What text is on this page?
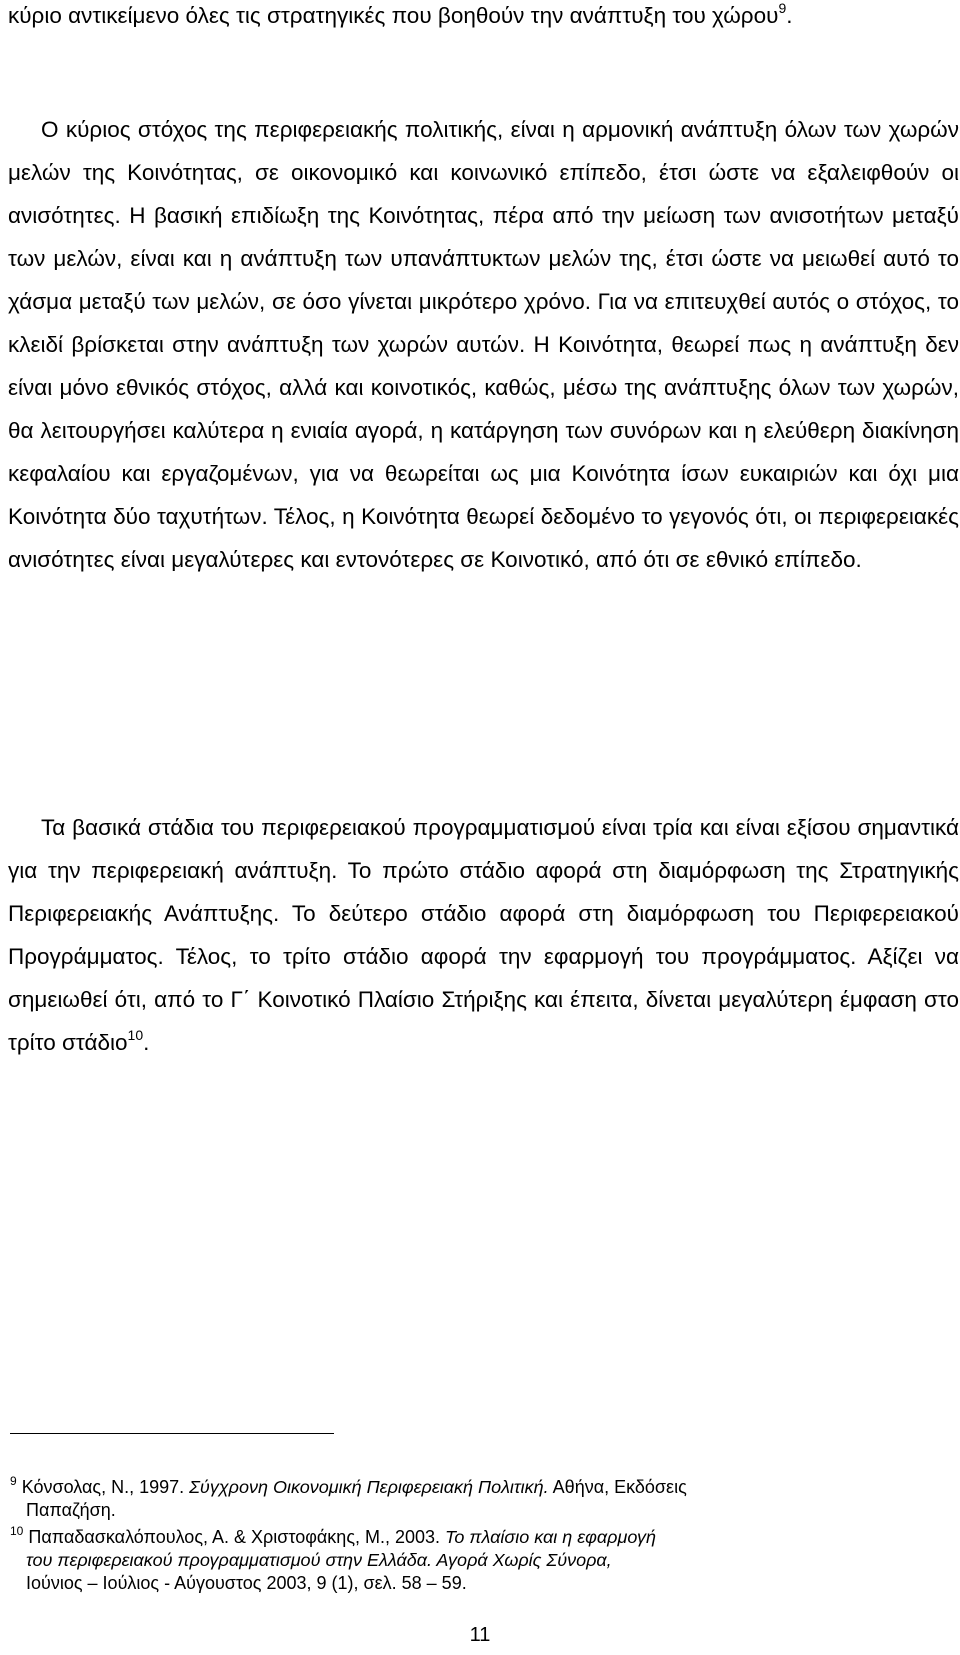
κύριο αντικείμενο όλες τις στρατηγικές που βοηθούν την ανάπτυξη του χώρου$^9$.

Ο κύριος στόχος της περιφερειακής πολιτικής, είναι η αρμονική ανάπτυξη όλων των χωρών μελών της Κοινότητας, σε οικονομικό και κοινωνικό επίπεδο, έτσι ώστε να εξαλειφθούν οι ανισότητες. Η βασική επιδίωξη της Κοινότητας, πέρα από την μείωση των ανισοτήτων μεταξύ των μελών, είναι και η ανάπτυξη των υπανάπτυκτων μελών της, έτσι ώστε να μειωθεί αυτό το χάσμα μεταξύ των μελών, σε όσο γίνεται μικρότερο χρόνο. Για να επιτευχθεί αυτός ο στόχος, το κλειδί βρίσκεται στην ανάπτυξη των χωρών αυτών. Η Κοινότητα, θεωρεί πως η ανάπτυξη δεν είναι μόνο εθνικός στόχος, αλλά και κοινοτικός, καθώς, μέσω της ανάπτυξης όλων των χωρών, θα λειτουργήσει καλύτερα η ενιαία αγορά, η κατάργηση των συνόρων και η ελεύθερη διακίνηση κεφαλαίου και εργαζομένων, για να θεωρείται ως μια Κοινότητα ίσων ευκαιριών και όχι μια Κοινότητα δύο ταχυτήτων. Τέλος, η Κοινότητα θεωρεί δεδομένο το γεγονός ότι, οι περιφερειακές ανισότητες είναι μεγαλύτερες και εντονότερες σε Κοινοτικό, από ότι σε εθνικό επίπεδο.

Τα βασικά στάδια του περιφερειακού προγραμματισμού είναι τρία και είναι εξίσου σημαντικά για την περιφερειακή ανάπτυξη. Το πρώτο στάδιο αφορά στη διαμόρφωση της Στρατηγικής Περιφερειακής Ανάπτυξης. Το δεύτερο στάδιο αφορά στη διαμόρφωση του Περιφερειακού Προγράμματος. Τέλος, το τρίτο στάδιο αφορά την εφαρμογή του προγράμματος. Αξίζει να σημειωθεί ότι, από το Γ΄ Κοινοτικό Πλαίσιο Στήριξης και έπειτα, δίνεται μεγαλύτερη έμφαση στο τρίτο στάδιο$^{10}$.

$^9$ Κόνσολας, Ν., 1997. Σύγχρονη Οικονομική Περιφερειακή Πολιτική. Αθήνα, Εκδόσεις
Παπαζήση.

$^{10}$ Παπαδασκαλόπουλος, Α. & Χριστοφάκης, Μ., 2003. Το πλαίσιο και η εφαρμογή
του περιφερειακού προγραμματισμού στην Ελλάδα. Αγορά Χωρίς Σύνορα,
Ιούνιος – Ιούλιος - Αύγουστος 2003, 9 (1), σελ. 58 – 59.

11
